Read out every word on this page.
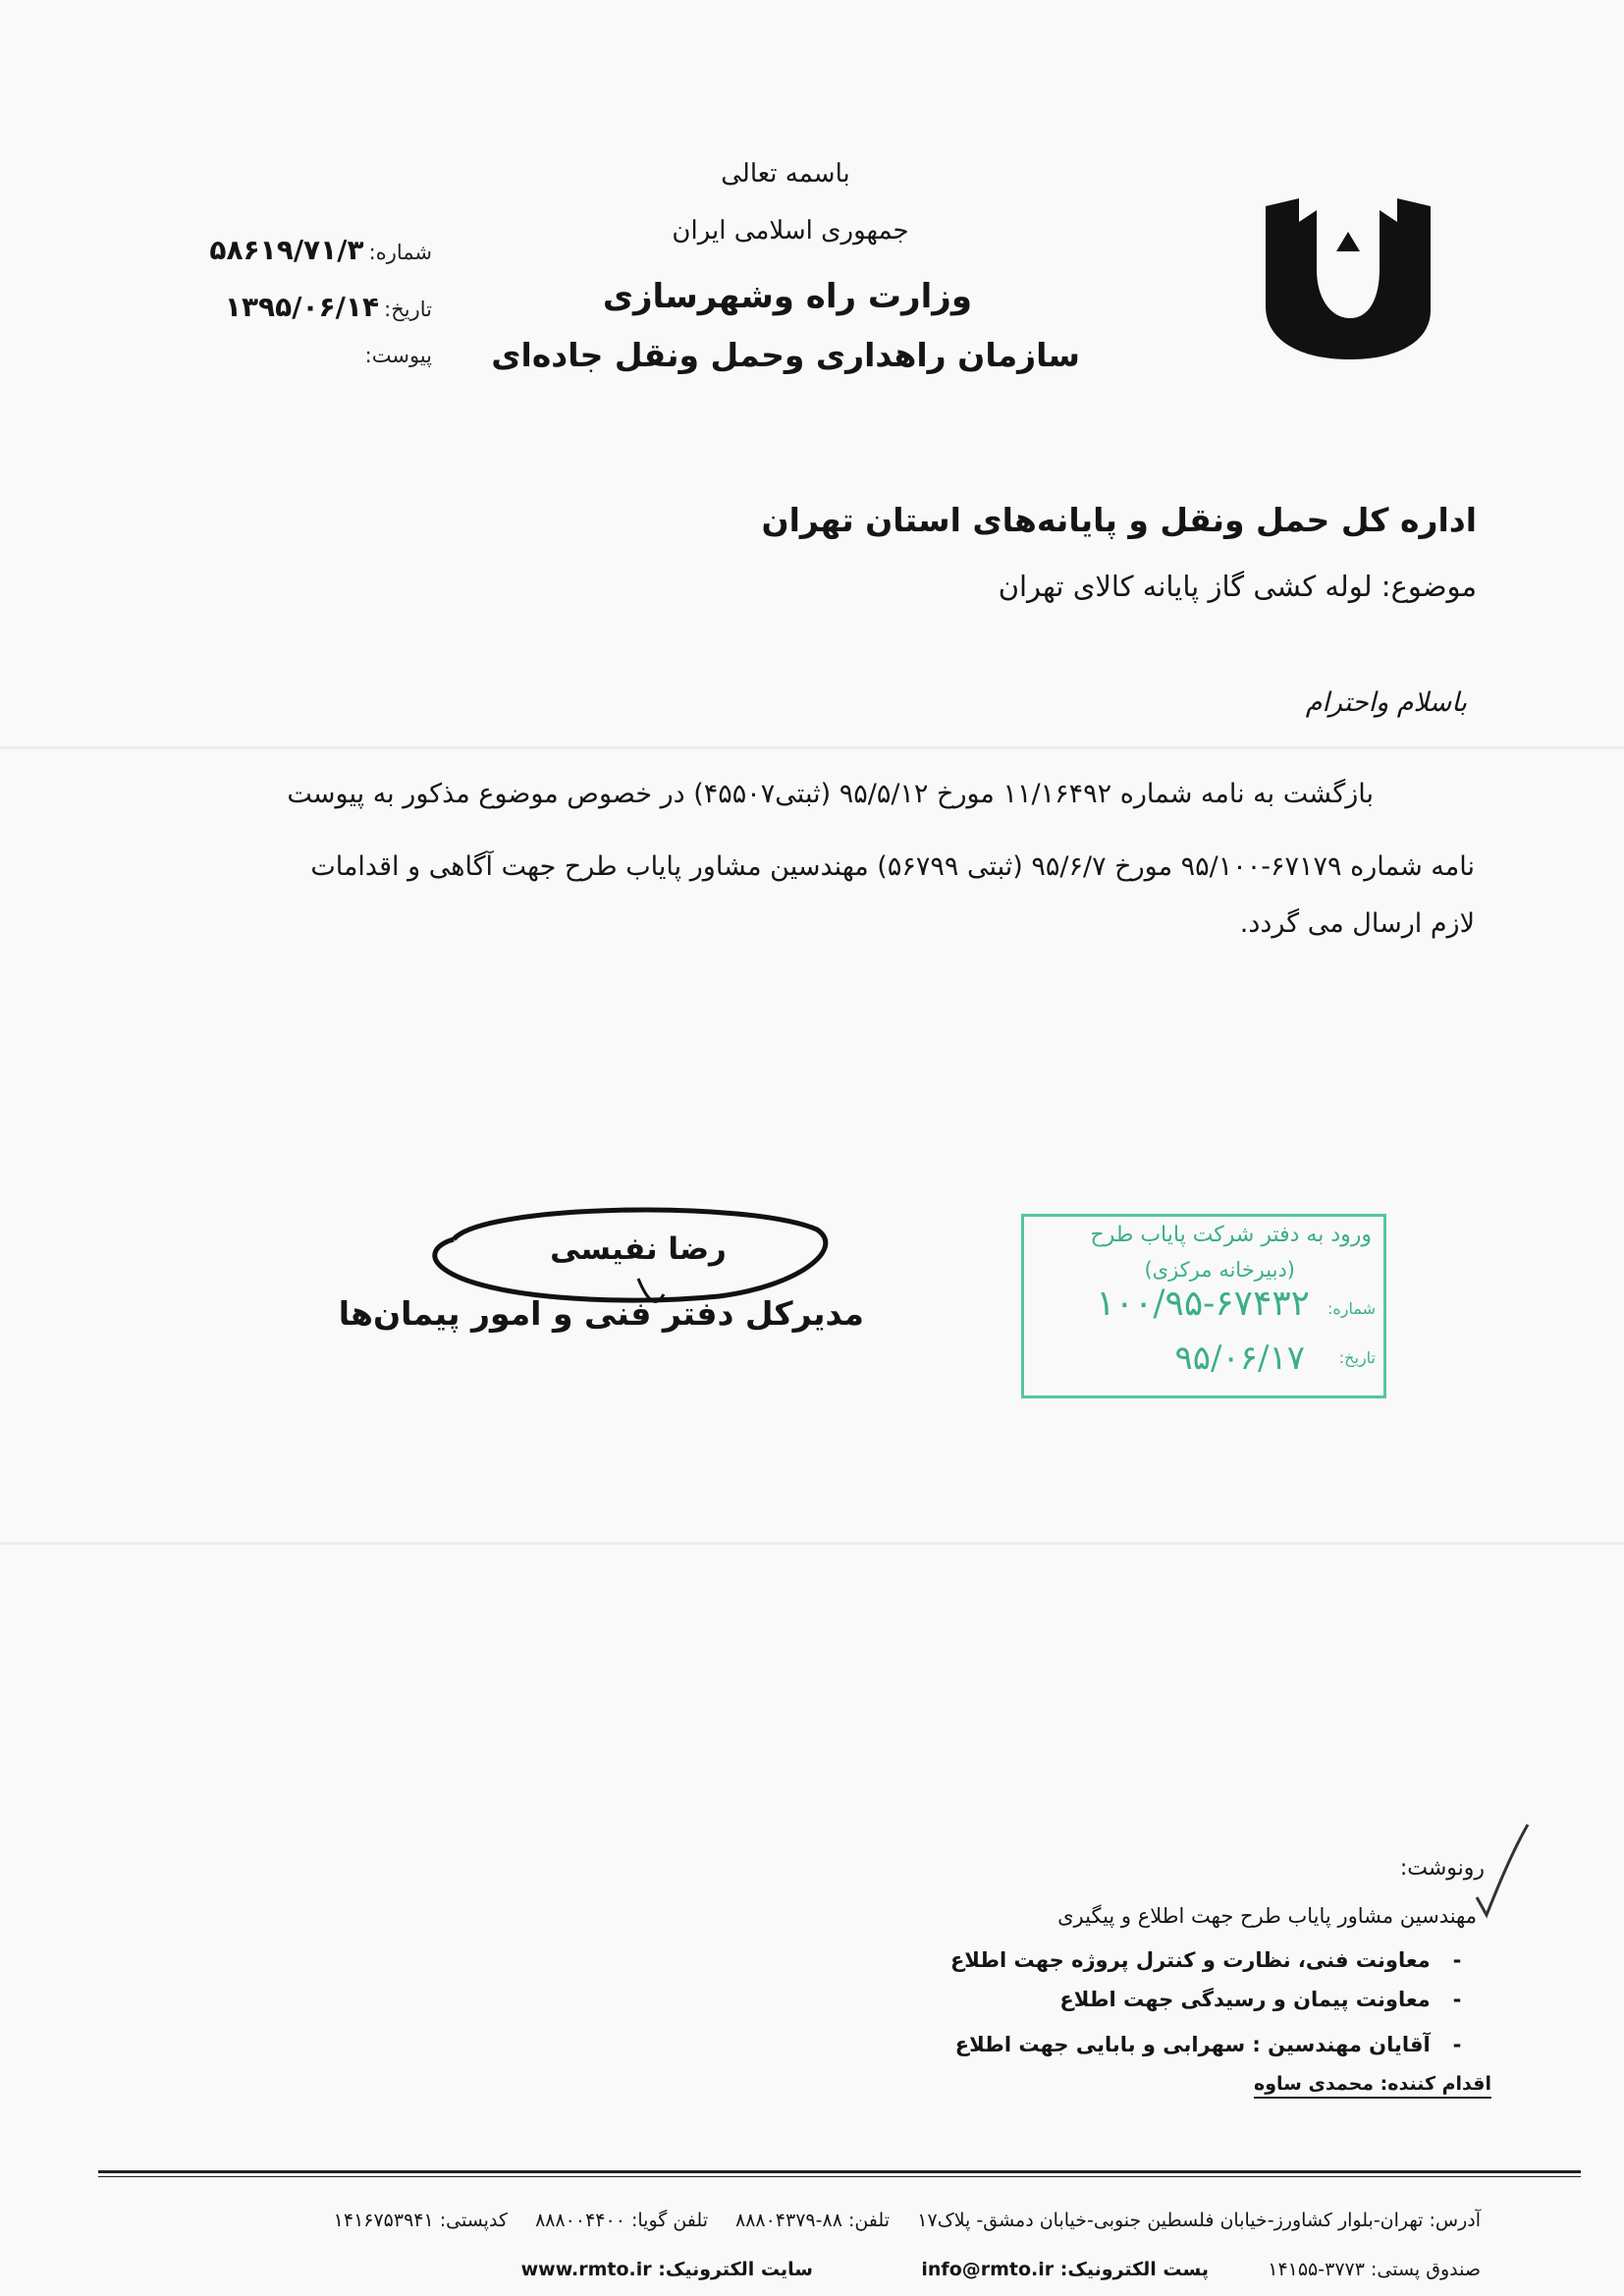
باسمه تعالی
جمهوری اسلامی ایران
وزارت راه وشهرسازی
سازمان راهداری وحمل ونقل جاده‌ای
شماره: ۵۸۶۱۹/۷۱/۳
تاریخ: ۱۳۹۵/۰۶/۱۴
پیوست:
اداره کل حمل ونقل و پایانه‌های استان تهران
موضوع: لوله کشی گاز پایانه کالای تهران
باسلام واحترام
بازگشت به نامه شماره ۱۱/۱۶۴۹۲ مورخ ۹۵/۵/۱۲ (ثبتی۴۵۵۰۷) در خصوص موضوع مذکور به پیوست
نامه شماره ۶۷۱۷۹-۹۵/۱۰۰ مورخ ۹۵/۶/۷ (ثبتی ۵۶۷۹۹) مهندسین مشاور پایاب طرح جهت آگاهی و اقدامات
لازم ارسال می گردد.
رضا نفیسی
مدیرکل دفتر فنی و امور پیمان‌ها
ورود به دفتر شرکت پایاب طرح
(دبیرخانه مرکزی)
شماره:
۱۰۰/۹۵-۶۷۴۳۲
تاریخ:
۹۵/۰۶/۱۷
رونوشت:
مهندسین مشاور پایاب طرح جهت اطلاع و پیگیری
- معاونت فنی، نظارت و کنترل پروژه جهت اطلاع
- معاونت پیمان و رسیدگی جهت اطلاع
- آقایان مهندسین : سهرابی و بابایی جهت اطلاع
اقدام کننده: محمدی ساوه
آدرس: تهران-بلوار کشاورز-خیابان فلسطین جنوبی-خیابان دمشق- پلاک۱۷
تلفن گویا: ۸۸۸۰۰۴۴۰۰
کدپستی: ۱۴۱۶۷۵۳۹۴۱
صندوق پستی: ۳۷۷۳-۱۴۱۵۵
پست الکترونیک: info@rmto.ir
سایت الکترونیک: www.rmto.ir
تلفن: ۸۸-۸۸۸۰۴۳۷۹
